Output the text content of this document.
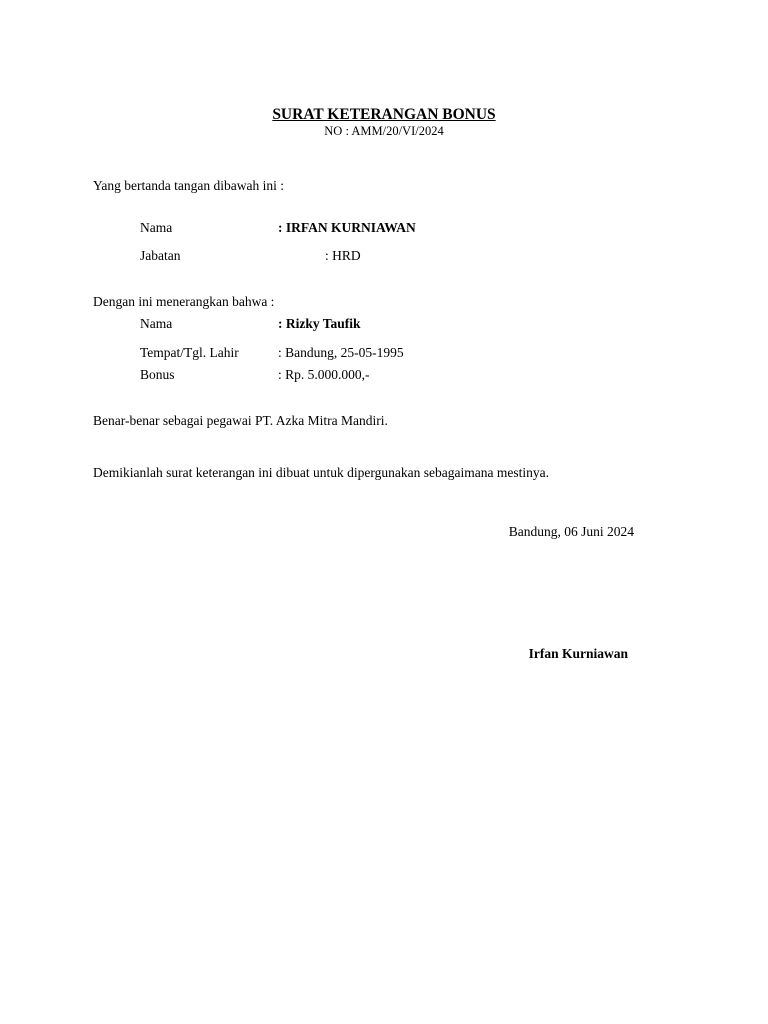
SURAT KETERANGAN BONUS
NO : AMM/20/VI/2024
Yang bertanda tangan dibawah ini :
Nama	: IRFAN KURNIAWAN
Jabatan	: HRD
Dengan ini menerangkan bahwa :
Nama	: Rizky Taufik
Tempat/Tgl. Lahir	: Bandung, 25-05-1995
Bonus	: Rp. 5.000.000,-
Benar-benar sebagai pegawai PT. Azka Mitra Mandiri.
Demikianlah surat keterangan ini dibuat untuk dipergunakan sebagaimana mestinya.
Bandung, 06 Juni 2024
Irfan Kurniawan
